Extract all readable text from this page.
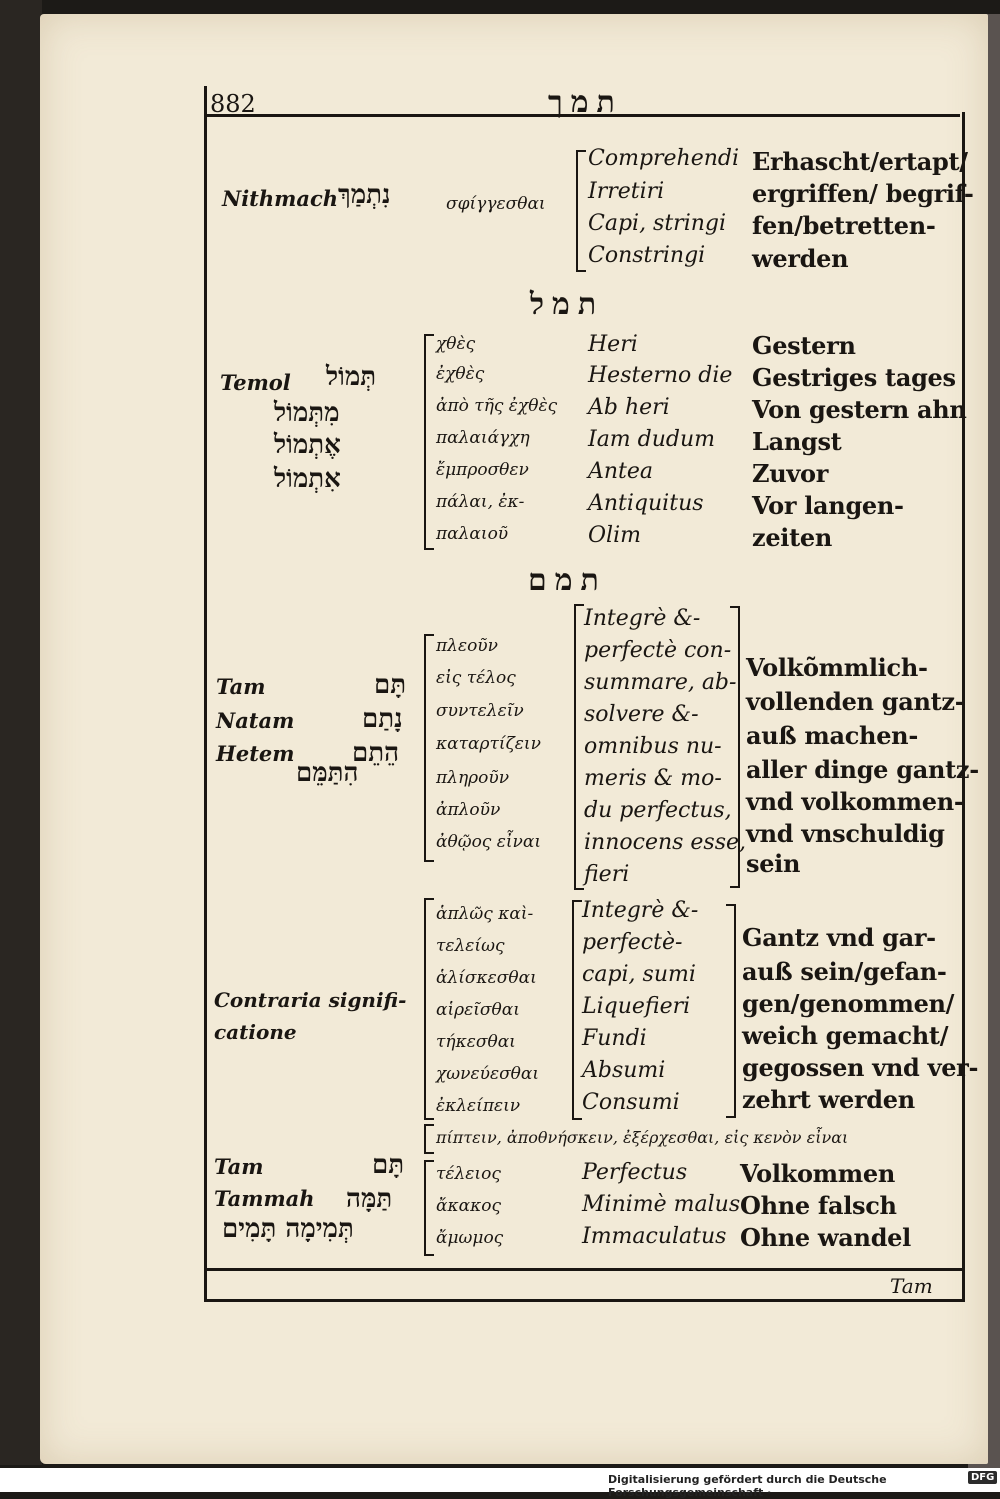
882	תמך
Nithmach נִתְמַךְ	σφίγγεσθαι
Comprehendi
Irretiri
Capi, stringi
Constringi
Erhascht/ertapt/
ergriffen/ begrif-
fen/betretten-
werden
תמל
Temol תְּמוֹל
מִתְּמוֹל
אֶתְמוֹל
אִתְמוֹל
χθὲς
ἐχθὲς
ἀπὸ τῆς ἐχθὲς
παλαιάγχη
ἔμπροσθεν
πάλαι, ἐκ-
παλαιοῦ
Heri
Hesterno die
Ab heri
Iam dudum
Antea
Antiquitus
Olim
Gestern
Gestriges tages
Von gestern ahn
Langst
Zuvor
Vor langen-
zeiten
תמם
Tam
Natam
Hetem
תָּם
נָתַם
הֵתֵם
הִתַּמֵּם
πλεοῦν
εἰς τέλος
συντελεῖν
καταρτίζειν
πληροῦν
ἀπλοῦν
ἀθῷος εἶναι
Integrè &-
perfectè con-
summare, ab-
solvere &-
omnibus nu-
meris & mo-
du perfectus,
innocens esse,
fieri
Volkõmmlich-
vollenden gantz-
auß machen-
aller dinge gantz-
vnd volkommen-
vnd vnschuldig
sein
Contraria signifi-
catione
ἁπλῶς καὶ-
τελείως
ἁλίσκεσθαι
αἱρεῖσθαι
τήκεσθαι
χωνεύεσθαι
ἐκλείπειν
Integrè &-
perfectè-
capi, sumi
Liquefieri
Fundi
Absumi
Consumi
Gantz vnd gar-
auß sein/gefan-
gen/genommen/
weich gemacht/
gegossen vnd ver-
zehrt werden
πίπτειν, ἀποθνήσκειν, ἐξέρχεσθαι, εἰς κενὸν εἶναι
Tam
Tammah
תָּם
תַּמָּה
תְּמִימָה תָּמִים
τέλειος
ἄκακος
ἄμωμος
Perfectus
Minimè malus
Immaculatus
Volkommen
Ohne falsch
Ohne wandel
Tam
Digitalisierung gefördert durch die Deutsche Forschungsgemeinschaft ·
DFG
